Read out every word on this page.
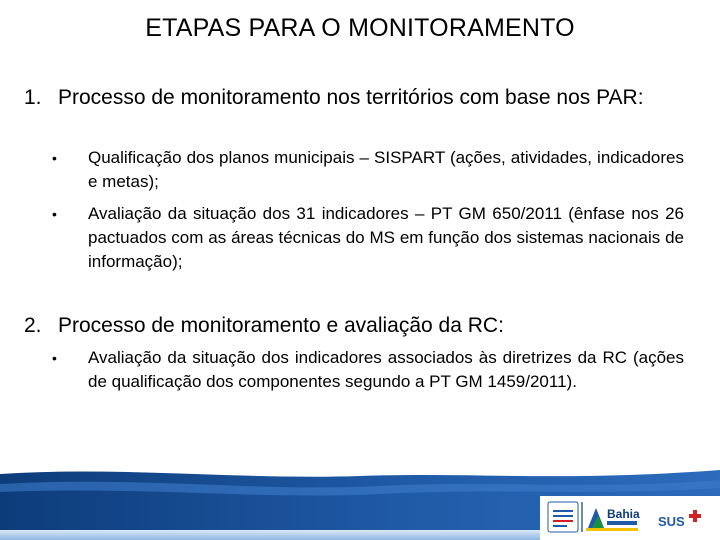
ETAPAS PARA O MONITORAMENTO
1. Processo de monitoramento nos territórios com base nos PAR:
•	Qualificação dos planos municipais – SISPART (ações, atividades, indicadores e metas);
•	Avaliação da situação dos 31 indicadores – PT GM 650/2011 (ênfase nos 26 pactuados com as áreas técnicas do MS em função dos sistemas nacionais de informação);
2. Processo de monitoramento e avaliação da RC:
•	Avaliação da situação dos indicadores associados às diretrizes da RC (ações de qualificação dos componentes segundo a PT GM 1459/2011).
Bahia SUS
